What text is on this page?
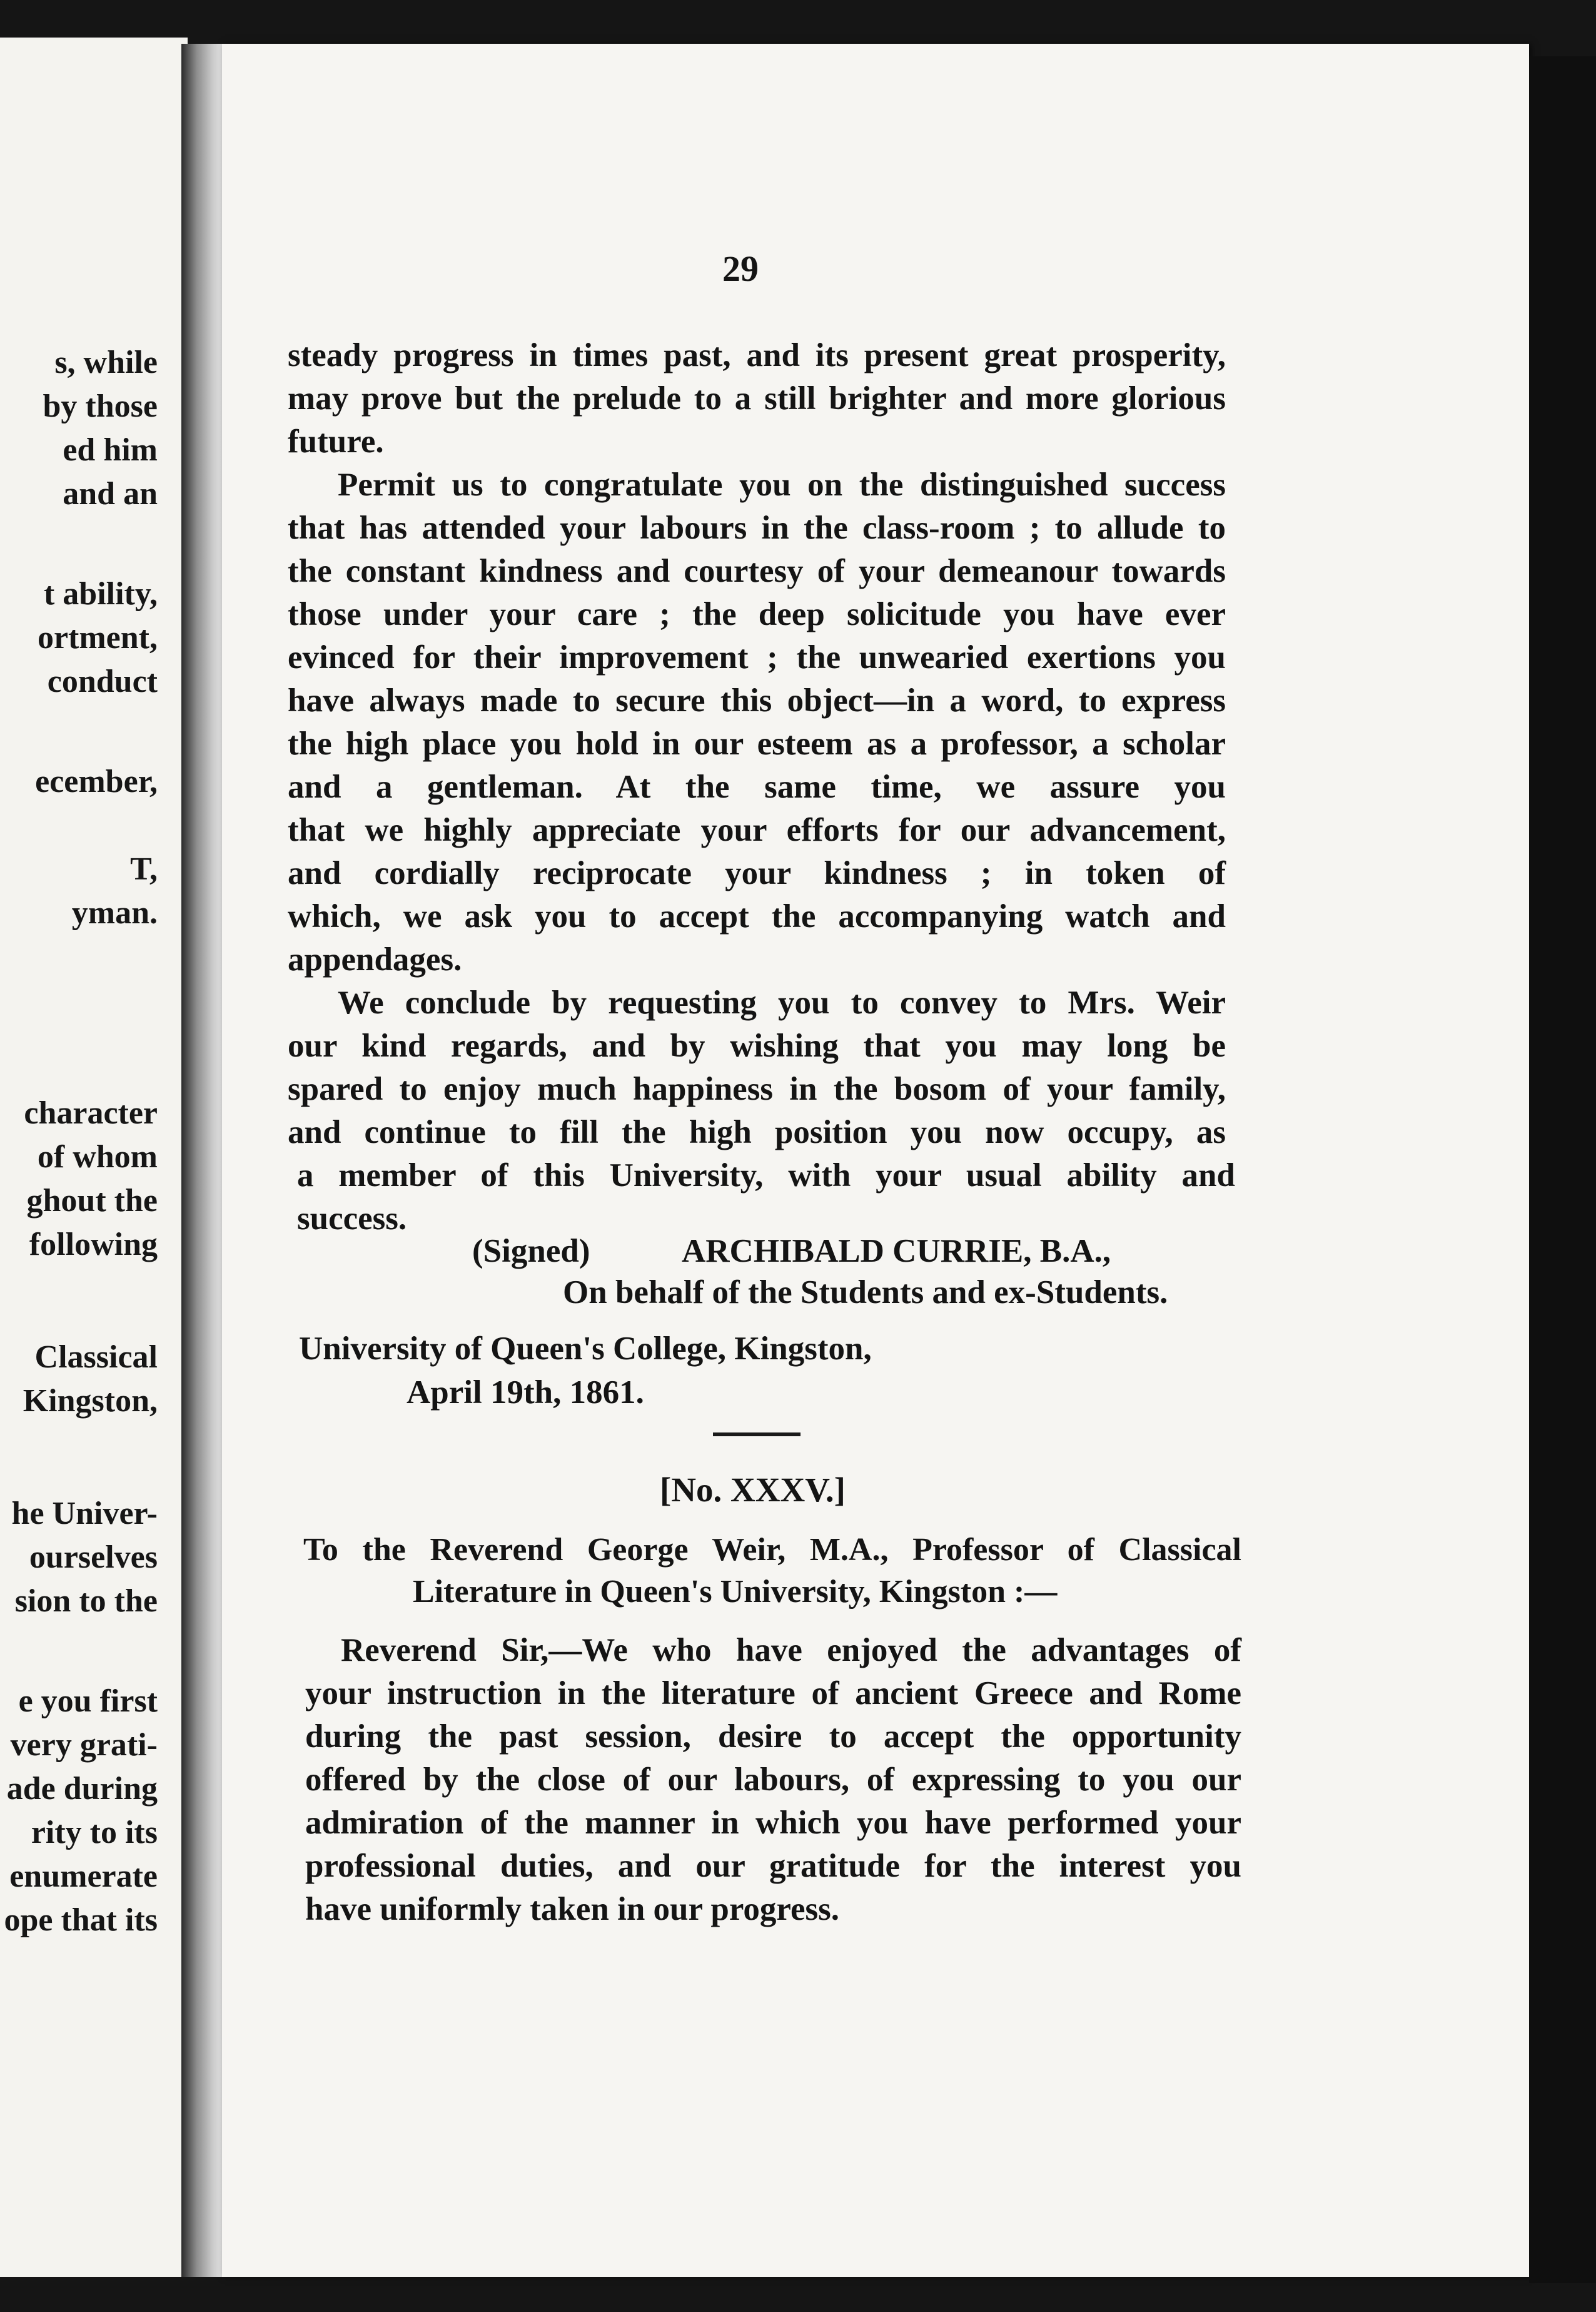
s, while
by those
ed him
and an
t ability,
ortment,
conduct
ecember,
T,
yman.
character
of whom
ghout the
following
Classical
Kingston,
he Univer-
ourselves
sion to the
e you first
very grati-
ade during
rity to its
enumerate
ope that its
29
steady progress in times past, and its present great prosperity,
may prove but the prelude to a still brighter and more glorious
future.
Permit us to congratulate you on the distinguished success
that has attended your labours in the class-room ; to allude to
the constant kindness and courtesy of your demeanour towards
those under your care ; the deep solicitude you have ever
evinced for their improvement ; the unwearied exertions you
have always made to secure this object—in a word, to express
the high place you hold in our esteem as a professor, a scholar
and a gentleman. At the same time, we assure you
that we highly appreciate your efforts for our advancement,
and cordially reciprocate your kindness ; in token of
which, we ask you to accept the accompanying watch and
appendages.
We conclude by requesting you to convey to Mrs. Weir
our kind regards, and by wishing that you may long be
spared to enjoy much happiness in the bosom of your family,
and continue to fill the high position you now occupy, as
a member of this University, with your usual ability and
success.
(Signed)	ARCHIBALD CURRIE, B.A.,
On behalf of the Students and ex-Students.
University of Queen's College, Kingston,
April 19th, 1861.
[No. XXXV.]
To the Reverend George Weir, M.A., Professor of Classical
Literature in Queen's University, Kingston :—
Reverend Sir,—We who have enjoyed the advantages of
your instruction in the literature of ancient Greece and Rome
during the past session, desire to accept the opportunity
offered by the close of our labours, of expressing to you our
admiration of the manner in which you have performed your
professional duties, and our gratitude for the interest you
have uniformly taken in our progress.
